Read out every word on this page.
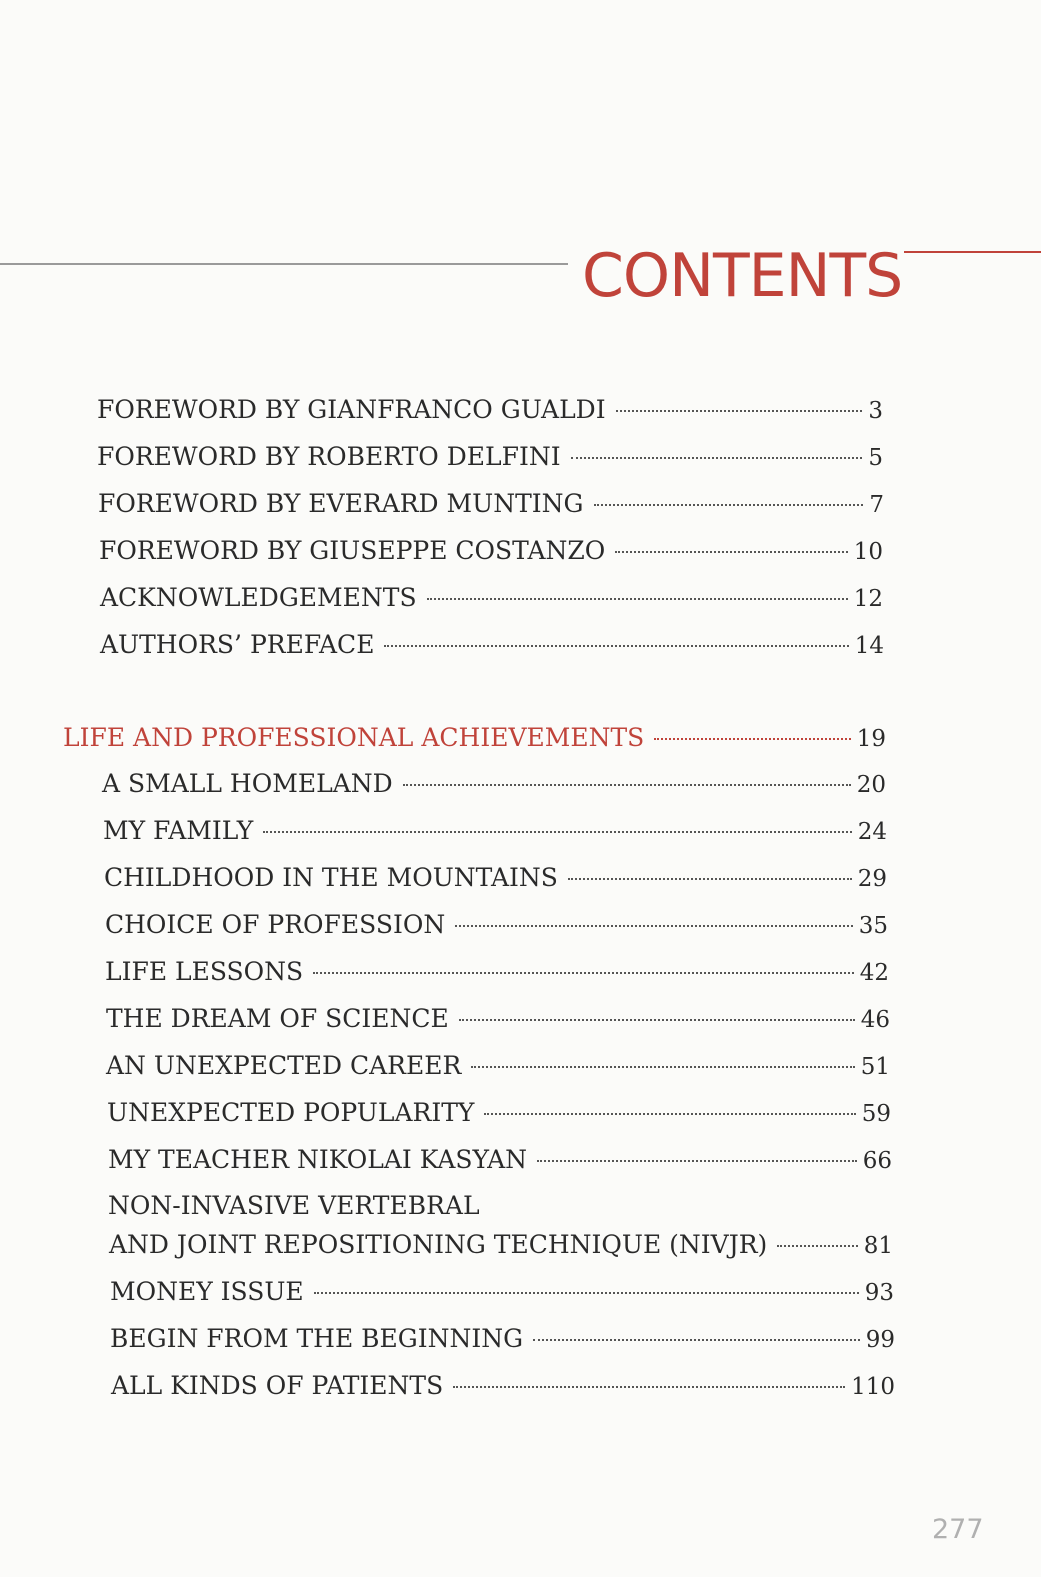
CONTENTS
FOREWORD BY GIANFRANCO GUALDI	3
FOREWORD BY ROBERTO DELFINI	5
FOREWORD BY EVERARD MUNTING	7
FOREWORD BY GIUSEPPE COSTANZO	10
ACKNOWLEDGEMENTS	12
AUTHORS’ PREFACE	14
LIFE AND PROFESSIONAL ACHIEVEMENTS	19
A SMALL HOMELAND	20
MY FAMILY	24
CHILDHOOD IN THE MOUNTAINS	29
CHOICE OF PROFESSION	35
LIFE LESSONS	42
THE DREAM OF SCIENCE	46
AN UNEXPECTED CAREER	51
UNEXPECTED POPULARITY	59
MY TEACHER NIKOLAI KASYAN	66

NON-INVASIVE VERTEBRAL

AND JOINT REPOSITIONING TECHNIQUE (NIVJR)	81
MONEY ISSUE	93
BEGIN FROM THE BEGINNING	99
ALL KINDS OF PATIENTS	110
277
